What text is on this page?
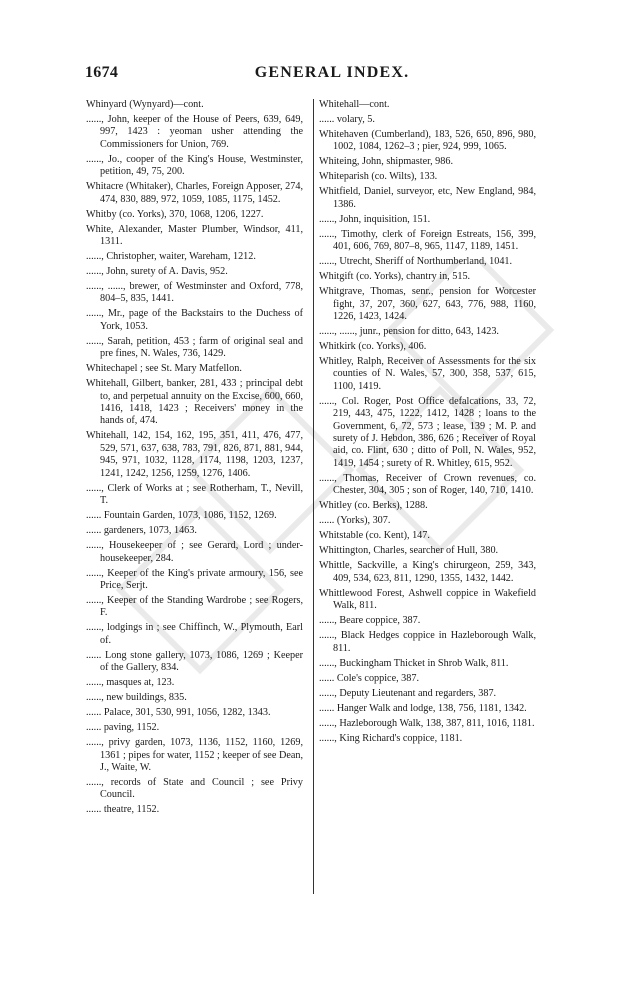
1674	GENERAL INDEX.
Whinyard (Wynyard)—cont.
......, John, keeper of the House of Peers, 639, 649, 997, 1423 : yeoman usher attending the Commissioners for Union, 769.
......, Jo., cooper of the King's House, Westminster, petition, 49, 75, 200.
Whitacre (Whitaker), Charles, Foreign Apposer, 274, 474, 830, 889, 972, 1059, 1085, 1175, 1452.
Whitby (co. Yorks), 370, 1068, 1206, 1227.
White, Alexander, Master Plumber, Windsor, 411, 1311.
......, Christopher, waiter, Wareham, 1212.
......, John, surety of A. Davis, 952.
......, ......, brewer, of Westminster and Oxford, 778, 804–5, 835, 1441.
......, Mr., page of the Backstairs to the Duchess of York, 1053.
......, Sarah, petition, 453 ; farm of original seal and pre fines, N. Wales, 736, 1429.
Whitechapel ; see St. Mary Matfellon.
Whitehall, Gilbert, banker, 281, 433 ; principal debt to, and perpetual annuity on the Excise, 600, 660, 1416, 1418, 1423 ; Receivers' money in the hands of, 474.
Whitehall, 142, 154, 162, 195, 351, 411, 476, 477, 529, 571, 637, 638, 783, 791, 826, 871, 881, 944, 945, 971, 1032, 1128, 1174, 1198, 1203, 1237, 1241, 1242, 1256, 1259, 1276, 1406.
......, Clerk of Works at ; see Rotherham, T., Nevill, T.
...... Fountain Garden, 1073, 1086, 1152, 1269.
...... gardeners, 1073, 1463.
......, Housekeeper of ; see Gerard, Lord ; under-housekeeper, 284.
......, Keeper of the King's private armoury, 156, see Price, Serjt.
......, Keeper of the Standing Wardrobe ; see Rogers, F.
......, lodgings in ; see Chiffinch, W., Plymouth, Earl of.
...... Long stone gallery, 1073, 1086, 1269 ; Keeper of the Gallery, 834.
......, masques at, 123.
......, new buildings, 835.
...... Palace, 301, 530, 991, 1056, 1282, 1343.
...... paving, 1152.
......, privy garden, 1073, 1136, 1152, 1160, 1269, 1361 ; pipes for water, 1152 ; keeper of see Dean, J., Waite, W.
......, records of State and Council ; see Privy Council.
...... theatre, 1152.
Whitehall—cont.
...... volary, 5.
Whitehaven (Cumberland), 183, 526, 650, 896, 980, 1002, 1084, 1262–3 ; pier, 924, 999, 1065.
Whiteing, John, shipmaster, 986.
Whiteparish (co. Wilts), 133.
Whitfield, Daniel, surveyor, etc, New England, 984, 1386.
......, John, inquisition, 151.
......, Timothy, clerk of Foreign Estreats, 156, 399, 401, 606, 769, 807–8, 965, 1147, 1189, 1451.
......, Utrecht, Sheriff of Northumberland, 1041.
Whitgift (co. Yorks), chantry in, 515.
Whitgrave, Thomas, senr., pension for Worcester fight, 37, 207, 360, 627, 643, 776, 988, 1160, 1226, 1423, 1424.
......, ......, junr., pension for ditto, 643, 1423.
Whitkirk (co. Yorks), 406.
Whitley, Ralph, Receiver of Assessments for the six counties of N. Wales, 57, 300, 358, 537, 615, 1100, 1419.
......, Col. Roger, Post Office defalcations, 33, 72, 219, 443, 475, 1222, 1412, 1428 ; loans to the Government, 6, 72, 573 ; lease, 139 ; M. P. and surety of J. Hebdon, 386, 626 ; Receiver of Royal aid, co. Flint, 630 ; ditto of Poll, N. Wales, 952, 1419, 1454 ; surety of R. Whitley, 615, 952.
......, Thomas, Receiver of Crown revenues, co. Chester, 304, 305 ; son of Roger, 140, 710, 1410.
Whitley (co. Berks), 1288.
...... (Yorks), 307.
Whitstable (co. Kent), 147.
Whittington, Charles, searcher of Hull, 380.
Whittle, Sackville, a King's chirurgeon, 259, 343, 409, 534, 623, 811, 1290, 1355, 1432, 1442.
Whittlewood Forest, Ashwell coppice in Wakefield Walk, 811.
......, Beare coppice, 387.
......, Black Hedges coppice in Hazleborough Walk, 811.
......, Buckingham Thicket in Shrob Walk, 811.
...... Cole's coppice, 387.
......, Deputy Lieutenant and regarders, 387.
...... Hanger Walk and lodge, 138, 756, 1181, 1342.
......, Hazleborough Walk, 138, 387, 811, 1016, 1181.
......, King Richard's coppice, 1181.
